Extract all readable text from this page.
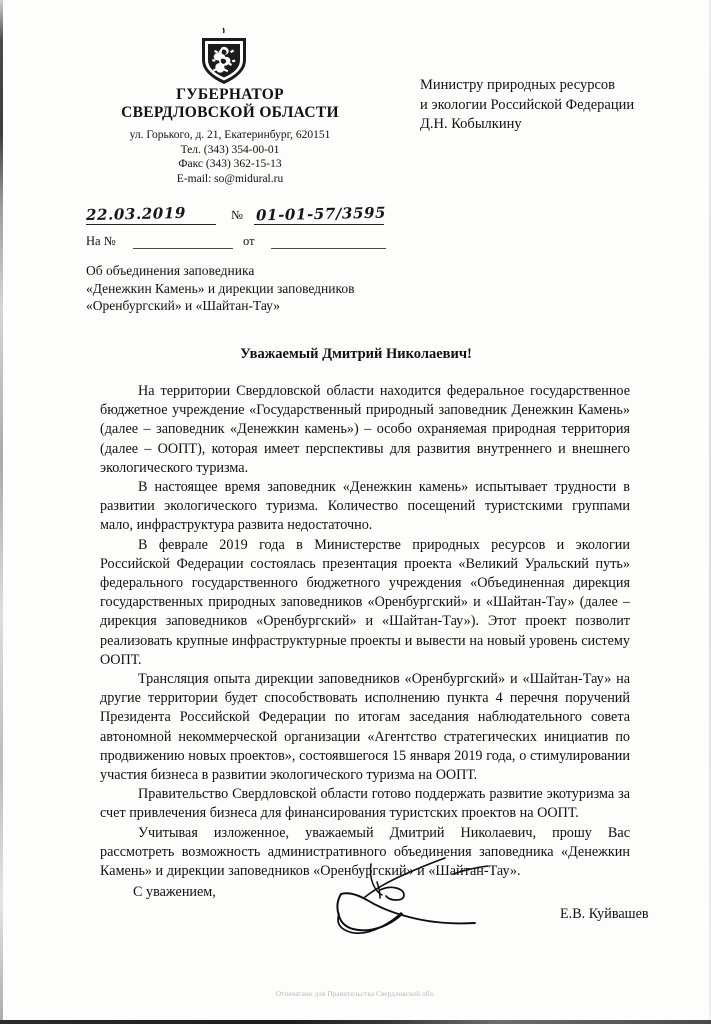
ГУБЕРНАТОР
СВЕРДЛОВСКОЙ ОБЛАСТИ
ул. Горького, д. 21, Екатеринбург, 620151
Тел. (343) 354-00-01
Факс (343) 362-15-13
E-mail: so@midural.ru
Министру природных ресурсов
и экологии Российской Федерации
Д.Н. Кобылкину
22.03.2019	№ 01-01-57/3595
На №	от
Об объединения заповедника
«Денежкин Камень» и дирекции заповедников
«Оренбургский» и «Шайтан-Тау»
Уважаемый Дмитрий Николаевич!

На территории Свердловской области находится федеральное государственное бюджетное учреждение «Государственный природный заповедник Денежкин Камень» (далее – заповедник «Денежкин камень») – особо охраняемая природная территория (далее – ООПТ), которая имеет перспективы для развития внутреннего и внешнего экологического туризма.

В настоящее время заповедник «Денежкин камень» испытывает трудности в развитии экологического туризма. Количество посещений туристскими группами мало, инфраструктура развита недостаточно.

В феврале 2019 года в Министерстве природных ресурсов и экологии Российской Федерации состоялась презентация проекта «Великий Уральский путь» федерального государственного бюджетного учреждения «Объединенная дирекция государственных природных заповедников «Оренбургский» и «Шайтан-Тау» (далее – дирекция заповедников «Оренбургский» и «Шайтан-Тау»). Этот проект позволит реализовать крупные инфраструктурные проекты и вывести на новый уровень систему ООПТ.

Трансляция опыта дирекции заповедников «Оренбургский» и «Шайтан-Тау» на другие территории будет способствовать исполнению пункта 4 перечня поручений Президента Российской Федерации по итогам заседания наблюдательного совета автономной некоммерческой организации «Агентство стратегических инициатив по продвижению новых проектов», состоявшегося 15 января 2019 года, о стимулировании участия бизнеса в развитии экологического туризма на ООПТ.

Правительство Свердловской области готово поддержать развитие экотуризма за счет привлечения бизнеса для финансирования туристских проектов на ООПТ.

Учитывая изложенное, уважаемый Дмитрий Николаевич, прошу Вас рассмотреть возможность административного объединения заповедника «Денежкин Камень» и дирекции заповедников «Оренбургский» и «Шайтан-Тау».

С уважением,
Е.В. Куйвашев
Отпечатано для Правительства Свердловской обл.
